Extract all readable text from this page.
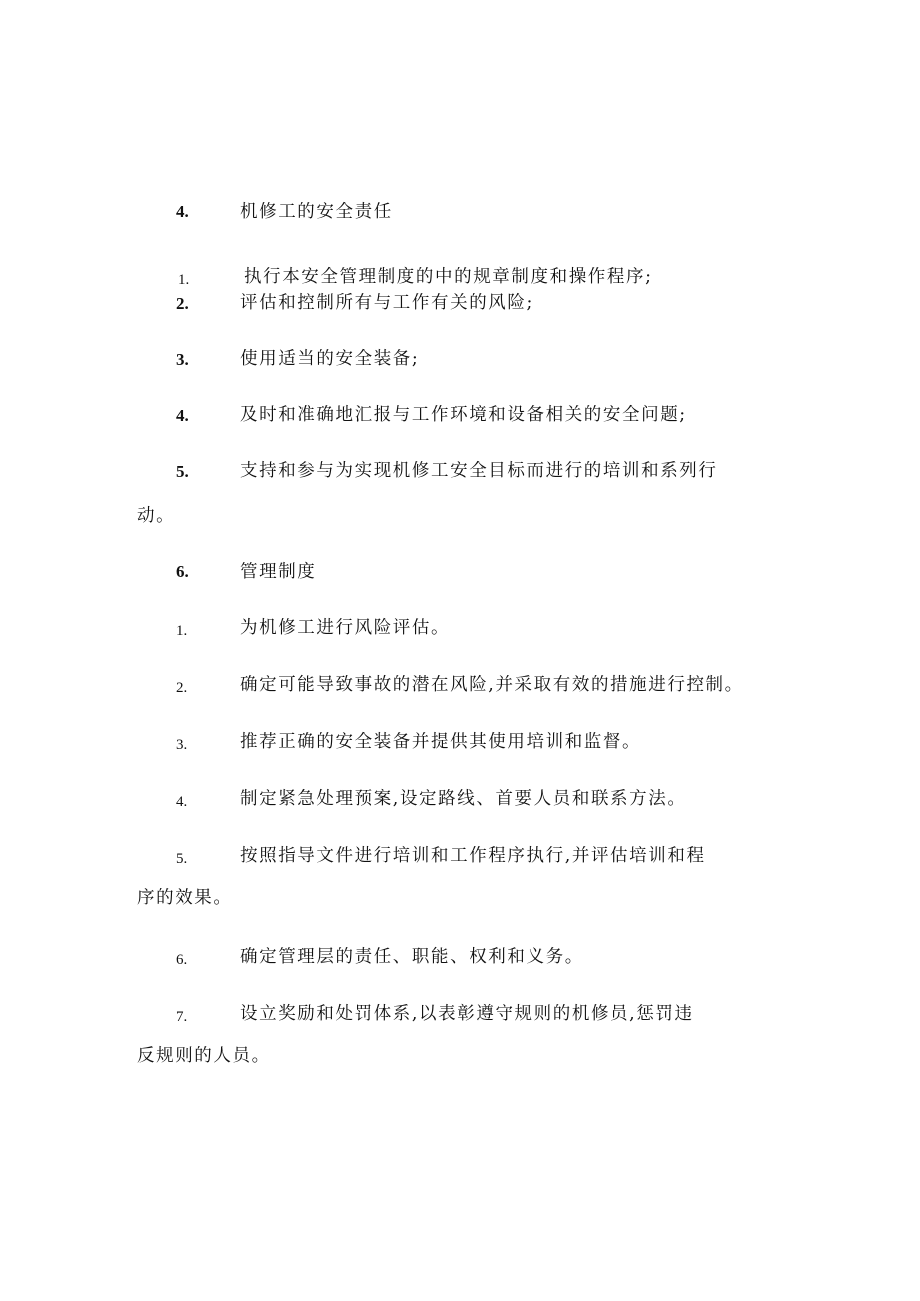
4.	机修工的安全责任
1.	执行本安全管理制度的中的规章制度和操作程序;
2.	评估和控制所有与工作有关的风险;
3.	使用适当的安全装备;
4.	及时和准确地汇报与工作环境和设备相关的安全问题;
5.	支持和参与为实现机修工安全目标而进行的培训和系列行
动。
6.	管理制度
1.	为机修工进行风险评估。
2.	确定可能导致事故的潜在风险,并采取有效的措施进行控制。
3.	推荐正确的安全装备并提供其使用培训和监督。
4.	制定紧急处理预案,设定路线、首要人员和联系方法。
5.	按照指导文件进行培训和工作程序执行,并评估培训和程
序的效果。
6.	确定管理层的责任、职能、权利和义务。
7.	设立奖励和处罚体系,以表彰遵守规则的机修员,惩罚违
反规则的人员。
